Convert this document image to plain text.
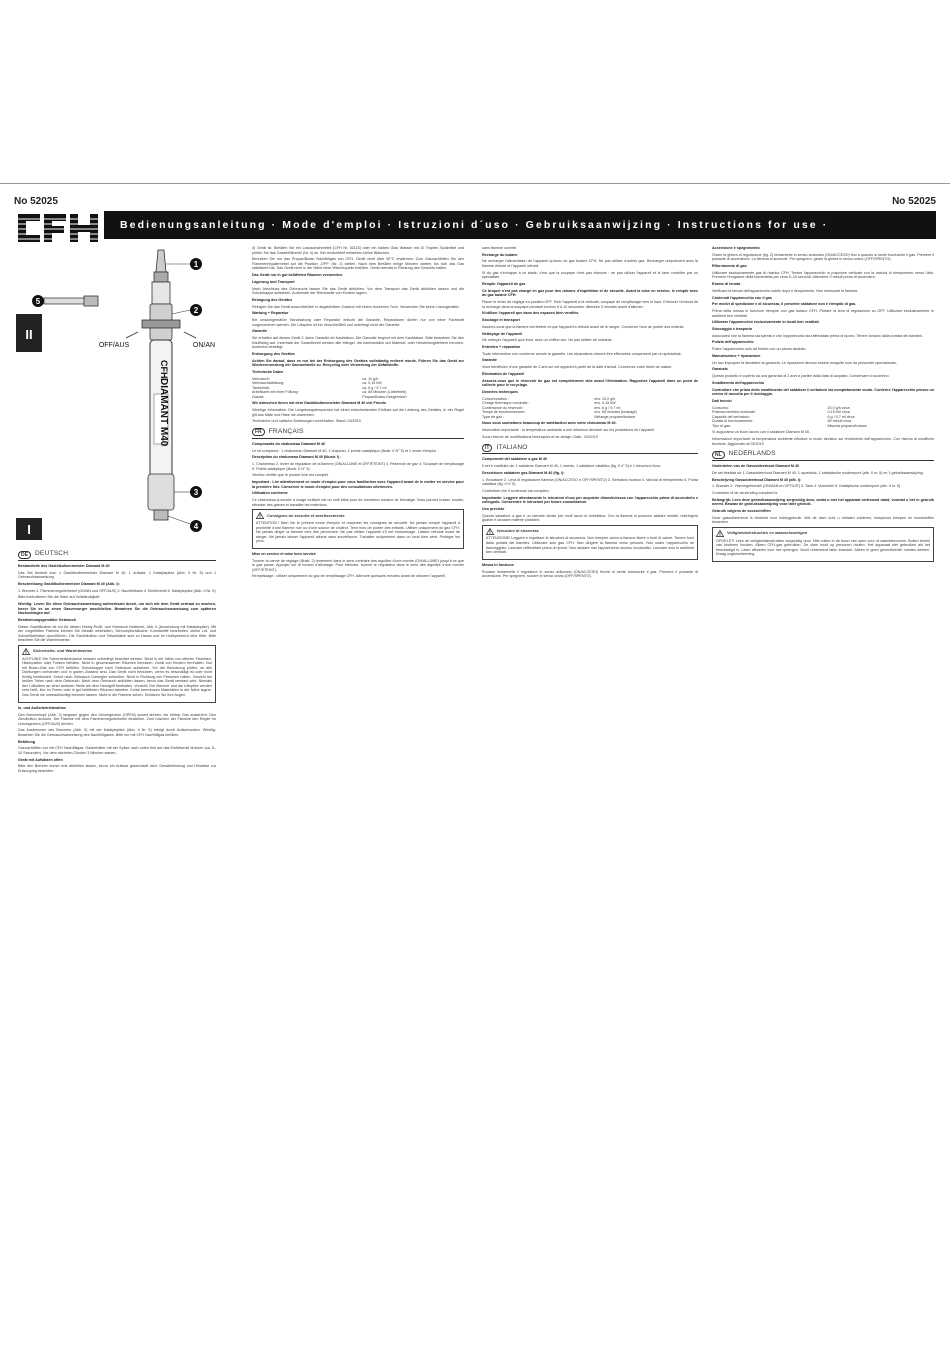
No 52025	No 52025
Bedienungsanleitung · Mode d'emploi · Istruzioni d´uso · Gebruiksaanwijzing · Instructions for use ·
II
I
5
CFH
DIAMANT M40
OFF/AUS	ON/AN
1
2
3
4
DE	DEUTSCH

Bestandteile des Gaslötkolbenmeister Diamant M 40

Das Set besteht aus: 1 Gaslötkolbenmeister Diamant M 40, 1 Aufsatz, 1 Katalytspitze (Abb. II Nr. 5) und 1 Gebrauchsanweisung.

Beschreibung Gaslötkolbenmeister Diamant M 40 (Abb. I):

1. Brenner 2. Flammenregulierhebel (ON/AN und OFF/AUS) 3. Nachfüllbank 4. Einfüllventil 5. Katalytspitze (Abb. II Nr. 5)

Bitte kontrollieren Sie die Ware auf Vollständigkeit.

Wichtig: Lesen Sie diese Gebrauchsanweisung aufmerksam durch, um sich mit dem Gerät vertraut zu machen, bevor Sie es an einen Gasversorger anschließen. Bewahren Sie die Gebrauchsanweisung zum späteren Nachschlagen auf.

Bestimmungsgemäßer Gebrauch

Dieser Gaslötkolben ist nur für diesen Hobby-Profil- und Gebrauch bestimmt, Abb. II (Anwendung mit Katalytspitze). Mit der vorgefüllten Flamme können Sie Metalle weichlöten, Schrumpfschläuche, Kunststoffe bearbeiten, kleine Löt- und Schweißarbeiten durchführen. Die Gaslötkolben und Teilaufsätze sind zu Hause und im Hobbybereich eine Hilfe. Bitte beachten Sie die Warnhinweise.

Sicherheits- und Warnhinweise

ACHTUNG! Die Sicherheitshinweise müssen unbedingt beachtet werden. Nicht in der Nähe von offenen Flammen, Hitzequellen oder Funken befüllen. Nicht in geschlossenen Räumen benutzen. Gerät von Kindern fernhalten. Nur mit Butan-Gas von CFH befüllen. Schutzkappe nach Gebrauch aufsetzen. Vor der Benutzung prüfen, ob alle Dichtungen vorhanden und in gutem Zustand sind. Das Gerät nicht benutzen, wenn es beschädigt ist oder nicht richtig funktioniert. Sofort nach Gebrauch Gasregler schließen. Nicht in Richtung von Personen halten. Vorsicht bei heißen Teilen nach dem Gebrauch. Nach dem Gebrauch abkühlen lassen, bevor das Gerät verstaut wird. Niemals den Lötkolben an einer anderen Stelle als dem Handgriff festhalten. Vorsicht: Der Brenner und die Lötspitze werden sehr heiß. Nur im Freien oder in gut belüfteten Räumen arbeiten. Keine brennbaren Materialien in der Nähe lagern. Das Gerät nie unbeaufsichtigt brennen lassen. Nicht in die Flamme sehen. Schützen Sie Ihre Augen.

In- und Außerbetriebnahme

Den Brennerkopf (Abb. 2) langsam gegen den Uhrzeigersinn (OPEN) soweit drehen, bis hörbar Gas ausströmt. Den Zündbutton drücken. Die Flamme mit dem Flammenregulierhebel einstellen. Zum Löschen der Flamme den Regler im Uhrzeigersinn (OFF/AUS) drehen.

Das Ausbrennen des Brenners (Abb. 5) mit der Katalytspitze (Abb. II Nr. 5) erfolgt durch Aufschrauben. Wichtig: Beachten Sie die Gebrauchsanweisung des Nachfüllgases. Bitte nur mit CFH Nachfüllgas befüllen.

Befüllung

Gasnachfüllen nur mit CFH Nachfüllgas. Gasbehälter mit der Spitze nach unten fest auf das Einfüllventil drücken (ca. 5–10 Sekunden). Vor dem nächsten Zünden 3 Minuten warten.

Gerät mit Aufsätzen offen

Bitte den Brenner immer erst abkühlen lassen, bevor ein Aufsatz gewechselt wird. Gewährleistung und Hinweise zur Entsorgung beachten.

4) Gerät ist. Befüllen Sie ein Lockaufnahmeteil (CFH Nr. 52115) oder ein halbes Glas Wasser mit 10 Tropfen Spülmittel und prüfen Sie das Gaseinfüllventil (Nr. 4) an. Bei Undichtheit entstehen kleine Bläschen.

Benutzen Sie nur das Propan/Butan Nachfüllgas von CFH. Gerät nicht über 50°C erwärmen. Zum Gasnachfüllen Sie den Flammenregulierhebel auf die Position „OFF“ (Nr. 2) stellen. Nach dem Befüllen einige Minuten warten, bis sich das Gas stabilisiert hat. Das Gerät nicht in der Nähe einer Wärmequelle befüllen. Gerät niemals in Richtung des Gesichts halten.

Das Gerät nur in gut belüfteten Räumen verwenden.

Lagerung und Transport

Nach Abschluss des Gebrauchs lassen Sie das Gerät abkühlen. Vor dem Transport das Gerät abkühlen lassen und die Schutzkappe aufsetzen. Außerhalb der Reichweite von Kindern lagern.

Reinigung des Gerätes

Reinigen Sie das Gerät ausschließlich in abgekühltem Zustand mit einem trockenen Tuch. Verwenden Sie keine Lösungsmittel.

Wartung + Reparatur

Bei unsachgemäßer Handhabung oder Reparatur erlischt die Garantie. Reparaturen dürfen nur von einer Fachkraft vorgenommen werden. Die Lötspitze ist ein Verschleißteil und unterliegt nicht der Garantie.

Garantie

Sie erhalten auf dieses Gerät 2 Jahre Garantie ab Kaufdatum. Die Garantie beginnt mit dem Kaufdatum. Bitte bewahren Sie den Kaufbeleg auf. Innerhalb der Garantiezeit werden alle Mängel, die nachweislich auf Material- oder Herstellungsfehlern beruhen, kostenlos beseitigt.

Entsorgung des Gerätes

Achten Sie darauf, dass es nur bei der Entsorgung des Gerätes vollständig entleert wurde. Führen Sie das Gerät zur Wiederverwertung der Sammelstelle zu. Recycling oder Verwertung der Abfallstoffe.

Technische Daten

Verbrauch:	ca. 10 g/h
Verbrauchsleistung:	ca. 0,15 kW
Tankinhalt:	ca. 6 g / 9,7 ml
Arbeitszeit mit einer Füllung:	ca. 65 Minuten (Lötbetrieb)
Gasart:	Propan/Butan-Gasgemisch

Wir wünschen Ihnen mit dem Gaslötkolbenmeister Diamant M 40 viel Freude.

Wichtige Information: Die Umgebungstemperatur hat einen entscheidenden Einfluss auf die Leistung des Gerätes, in der Regel gilt aus Kälte und Hitze nie anwenden.

Technische und optische Änderungen vorbehalten. Stand: 03/2019

FR	FRANÇAIS

Composants du chalumeau Diamant M 40

Le kit comprend : 1 chalumeau Diamant M 40, 1 chapeau, 1 pointe catalytique (Illustr. II N° 5) et 1 mode d'emploi.

Description du chalumeau Diamant M 40 (Illustr. I) :

1. Chalumeau 2. levier de régulation de la flamme (ON/ALLUME et OFF/ÉTEINT) 3. Réservoir de gaz 4. Soupape de remplissage 5. Pointe catalytique (Illustr. II N° 5)

Veuillez vérifier que le produit livré est complet.

Important : Lire attentivement ce mode d'emploi pour vous familiariser avec l'appareil avant de le mettre en service pour la première fois. Conserver le mode d'emploi pour des consultations ultérieures.

Utilisation conforme

Ce chalumeau-à-souder à usage multiple est un outil idéal pour de nombreux travaux de bricolage. Vous pouvez braser, souder, rétracter des gaines et travailler les matériaux.

Consignes de sécurité et avertissements

ATTENTION ! Bien lire le présent mode d'emploi et respecter les consignes de sécurité. Ne jamais remplir l'appareil à proximité d'une flamme nue ou d'une source de chaleur. Tenir hors de portée des enfants. Utiliser uniquement du gaz CFH. Ne jamais diriger la flamme vers des personnes. Ne pas utiliser l'appareil s'il est endommagé. Laisser refroidir avant de ranger. Ne jamais laisser l'appareil allumé sans surveillance. Travailler uniquement dans un local bien aéré. Protéger les yeux.

Mise en service et mise hors service

Tourner la vanne de réglage (Illustr. 2) lentement dans le sens contraire des aiguilles d'une montre (ON/ALLUME) jusqu'à ce que le gaz passe. Appuyer sur le bouton d'allumage. Pour éteindre, tourner le régulateur dans le sens des aiguilles d'une montre (OFF/ÉTEINT).

Remplissage : utiliser uniquement du gaz de remplissage CFH. Attendre quelques minutes avant de rallumer l'appareil.

sans flamme ouverte.

Recharge du butane

Ne recharger l'alimentation de l'appareil qu'avec du gaz butane CFH. Ne pas utiliser d'autres gaz. Recharger uniquement avec la flamme éteinte et l'appareil refroidi.

Si du gaz s'échappe à ce stade, c'est que la soupape n'est pas étanche : ne pas utiliser l'appareil et le faire contrôler par un spécialiste.

Remplir l'appareil de gaz

Ce briquet n'est pas chargé en gaz pour des raisons d'expédition et de sécurité. Avant la mise en service, le remplir avec du gaz butane CFH.

Placer le levier de réglage en position OFF. Tenir l'appareil à la verticale, soupape de remplissage vers le haut. Enfoncer l'embout de la recharge dans la soupape pendant environ 5 à 10 secondes. Attendre 3 minutes avant d'allumer.

N'utiliser l'appareil que dans des espaces bien ventilés.

Stockage et transport

Assurez-vous que la flamme est éteinte et que l'appareil a refroidi avant de le ranger. Conserver hors de portée des enfants.

Nettoyage de l'appareil

Ne nettoyer l'appareil qu'à froid, avec un chiffon sec. Ne pas utiliser de solvants.

Entretien + réparation

Toute intervention non conforme annule la garantie. Les réparations doivent être effectuées uniquement par un spécialiste.

Garantie

Vous bénéficiez d'une garantie de 2 ans sur cet appareil à partir de la date d'achat. Conservez votre ticket de caisse.

Élimination de l'appareil

Assurez-vous que le réservoir de gaz est complètement vide avant l'élimination. Rapportez l'appareil dans un point de collecte pour le recyclage.

Données techniques

Consommation :	env. 10,0 g/h
Charge thermique nominale :	env. 0,15 kW
Contenance du réservoir :	env. 6 g / 9,7 ml
Temps de fonctionnement :	env. 65 minutes (brasage)
Type de gaz :	Mélange propane/butane

Nous vous souhaitons beaucoup de satisfaction avec votre chalumeau M 40.

Information importante : la température ambiante a une influence décisive sur les prestations de l'appareil.

Sous réserve de modifications techniques et de design. Date : 03/2019

IT	ITALIANO

Componenti del saldatore a gas M 40

Il set è costituito da: 1 saldatore Diamant M 40, 1 inserto, 1 saldatore catalitico (fig. II n° 5) e 1 istruzioni d'uso.

Descrizione saldatore gas Diamant M 40 (fig. I):

1. Bruciatore 2. Leva di regolazione fiamma (ON/ACCESO e OFF/SPENTO) 3. Serbatoio ricarica 4. Valvola di riempimento 5. Punta catalitica (fig. II n° 5)

Controllare che il contenuto sia completo.

Importante: Leggere attentamente le istruzioni d'uso per acquisire dimestichezza con l'apparecchio prima di accenderlo e collegarlo. Conservare le istruzioni per future consultazioni.

Uso previsto

Questo saldatore a gas è un utensile ideale per molti lavori di hobbistica. Con la fiamma si possono saldare metalli, restringere guaine e lavorare materie plastiche.

Istruzioni di sicurezza

ATTENZIONE! Leggere e rispettare le istruzioni di sicurezza. Non riempire vicino a fiamme libere o fonti di calore. Tenere fuori dalla portata dei bambini. Utilizzare solo gas CFH. Non dirigere la fiamma verso persone. Non usare l'apparecchio se danneggiato. Lasciare raffreddare prima di riporre. Non lasciare mai l'apparecchio acceso incustodito. Lavorare solo in ambienti ben ventilati.

Messa in funzione

Ruotare lentamente il regolatore in senso antiorario (ON/ACCESO) finché si sente fuoriuscire il gas. Premere il pulsante di accensione. Per spegnere, ruotare in senso orario (OFF/SPENTO).

Accensione e spegnimento

Girare la ghiera di regolazione (fig. 2) lentamente in senso antiorario (ON/ACCESO) fino a quando si sente fuoriuscire il gas. Premere il pulsante di accensione. La fiamma si accende. Per spegnere, girare la ghiera in senso orario (OFF/SPENTO).

Rifornimento di gas

Utilizzare esclusivamente gas di ricarica CFH. Tenere l'apparecchio in posizione verticale con la valvola di riempimento verso l'alto. Premere l'erogatore della bomboletta per circa 5–10 secondi. Attendere 3 minuti prima di accendere.

Esame di tenuta

Verificare la tenuta dell'apparecchio subito dopo il riempimento. Non innescare la fiamma.

Contenuti l'apparecchio con il gas

Per motivi di spedizione e di sicurezza, il presente saldatore non è riempito di gas.

Prima della messa in funzione riempire con gas butano CFH. Portare la leva di regolazione su OFF. Utilizzare esclusivamente in ambienti ben ventilati.

Utilizzare l'apparecchio esclusivamente in locali ben ventilati.

Stoccaggio e trasporto

Assicurarsi che la fiamma sia spenta e che l'apparecchio sia raffreddato prima di riporlo. Tenere lontano dalla portata dei bambini.

Pulizia dell'apparecchio

Pulire l'apparecchio solo da freddo con un panno asciutto.

Manutenzione + riparazione

Un uso improprio fa decadere la garanzia. Le riparazioni devono essere eseguite solo da personale specializzato.

Garanzia

Questo prodotto è coperto da una garanzia di 2 anni a partire dalla data di acquisto. Conservare lo scontrino.

Smaltimento dell'apparecchio

Controllare che prima dello smaltimento del saldatore il serbatoio sia completamente vuoto. Conferire l'apparecchio presso un centro di raccolta per il riciclaggio.

Dati tecnici

Consumo:	10,0 g/h circa
Potenza termica nominale:	0,15 kW circa
Capacità del serbatoio:	6 g / 9,7 ml circa
Durata di funzionamento:	65 minuti circa
Tipo di gas:	Miscela propano/butano

Vi auguriamo un buon lavoro con il saldatore Diamant M 40.

Informazioni importanti: la temperatura ambiente influisce in modo decisivo sul rendimento dell'apparecchio. Con riserva di modifiche tecniche. Aggiornato al 03/2019

NL	NEDERLANDS

Onderdelen van de Gassoldeerbout Diamant M 40

De set bestaat uit: 1 Gassoldeerbout Diamant M 40, 1 opzetstuk, 1 katalytische soldeerpunt (afb. II nr. 5) en 1 gebruiksaanwijzing.

Beschrijving Gassoldeerbout Diamant M 40 (afb. I):

1. Brander 2. Vlamregelhendel (ON/AAN en OFF/UIT) 3. Tank 4. Vulventiel 5. Katalytische soldeerpunt (afb. II nr. 5)

Controleer of de verzending compleet is.

Belangrijk: Lees deze gebruiksaanwijzing zorgvuldig door, zodat u met het apparaat vertrouwd raakt, voordat u het in gebruik neemt. Bewaar de gebruiksaanwijzing voor later gebruik.

Gebruik volgens de voorschriften

Deze gassoldeerbout is bedoeld voor hobbygebruik. Met de vlam kunt u metalen solderen, krimpkous krimpen en kunststoffen bewerken.

Veiligheidsinstructies en waarschuwingen

OPGELET! Lees de veiligheidsinstructies zorgvuldig door. Niet vullen in de buurt van open vuur of warmtebronnen. Buiten bereik van kinderen houden. Alleen CFH-gas gebruiken. De vlam nooit op personen richten. Het apparaat niet gebruiken als het beschadigd is. Laten afkoelen voor het opbergen. Nooit onbeheerd laten branden. Alleen in goed geventileerde ruimtes werken. Draag oogbescherming.
